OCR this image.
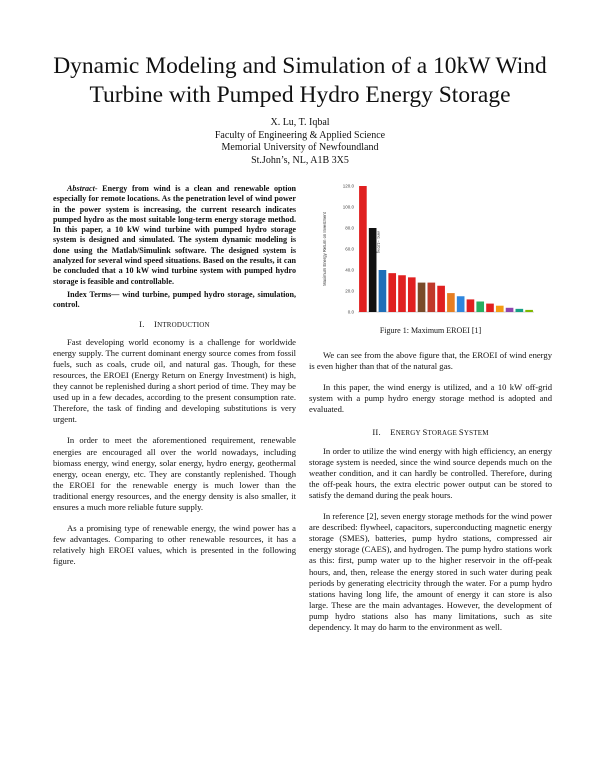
Dynamic Modeling and Simulation of a 10kW Wind
Turbine with Pumped Hydro Energy Storage
X. Lu, T. Iqbal
Faculty of Engineering & Applied Science
Memorial University of Newfoundland
St.John’s, NL, A1B 3X5

Abstract- Energy from wind is a clean and renewable option especially for remote locations. As the penetration level of wind power in the power system is increasing, the current research indicates pumped hydro as the most suitable long-term energy storage method. In this paper, a 10 kW wind turbine with pumped hydro storage system is designed and simulated. The system dynamic modeling is done using the Matlab/Simulink software. The designed system is analyzed for several wind speed situations. Based on the results, it can be concluded that a 10 kW wind turbine system with pumped hydro storage is feasible and controllable.

Index Terms— wind turbine, pumped hydro storage, simulation, control.

I. INTRODUCTION

Fast developing world economy is a challenge for worldwide energy supply. The current dominant energy source comes from fossil fuels, such as coals, crude oil, and natural gas. Though, for these resources, the EROEI (Energy Return on Energy Investment) is high, they cannot be replenished during a short period of time. They may be used up in a few decades, according to the present consumption rate. Therefore, the task of finding and developing substitutions is very urgent.

In order to meet the aforementioned requirement, renewable energies are encouraged all over the world nowadays, including biomass energy, wind energy, solar energy, hydro energy, geothermal energy, ocean energy, etc. They are constantly replenished. Though the EROEI for the renewable energy is much lower than the traditional energy resources, and the energy density is also smaller, it ensures a much more reliable future supply.

As a promising type of renewable energy, the wind power has a few advantages. Comparing to other renewable resources, it has a relatively high EROEI values, which is presented in the following figure.

Maximum Energy Return on Investment
0.0
20.0
40.0
60.0
80.0
100.0
120.0
wind, ~120 kg
Figure 1: Maximum EROEI [1]

We can see from the above figure that, the EROEI of wind energy is even higher than that of the natural gas.

In this paper, the wind energy is utilized, and a 10 kW off-grid system with a pump hydro energy storage method is adopted and evaluated.

II. ENERGY STORAGE SYSTEM

In order to utilize the wind energy with high efficiency, an energy storage system is needed, since the wind source depends much on the weather condition, and it can hardly be controlled. Therefore, during the off-peak hours, the extra electric power output can be stored to satisfy the demand during the peak hours.

In reference [2], seven energy storage methods for the wind power are described: flywheel, capacitors, superconducting magnetic energy storage (SMES), batteries, pump hydro stations, compressed air energy storage (CAES), and hydrogen. The pump hydro stations work as this: first, pump water up to the higher reservoir in the off-peak hours, and, then, release the energy stored in such water during peak periods by generating electricity through the water. For a pump hydro stations having long life, the amount of energy it can store is also large. These are the main advantages. However, the development of pump hydro stations also has many limitations, such as site dependency. It may do harm to the environment as well.
